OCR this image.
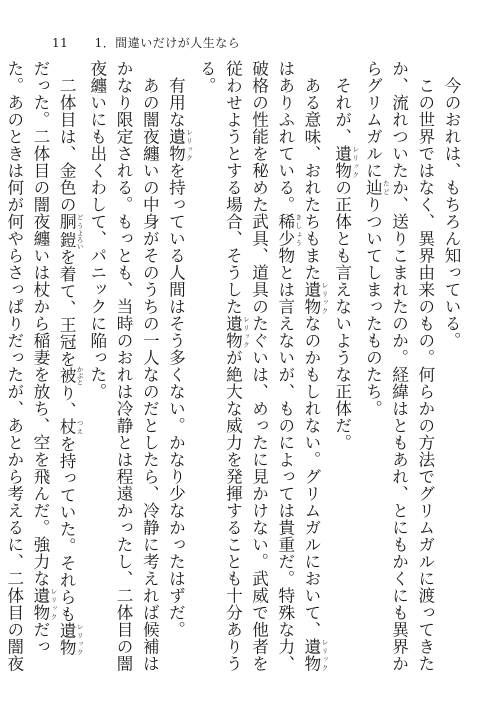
11 1．間違いだけが人生なら

今のおれは、もちろん知っている。

この世界ではなく、異界由来のもの。何らかの方法でグリムガルに渡ってきたか、流れついたか、送りこまれたのか。経緯はともあれ、とにもかくにも異界からグリムガルに辿 たどりついてしまったものたち。

それが、遺物 レリックの正体とも言えないような正体だ。

ある意味、おれたちもまた遺物 レリックなのかもしれない。グリムガルにおいて、遺物 レリックはありふれている。稀少 きしょう物とは言えないが、ものによっては貴重だ。特殊な力、破格の性能を秘めた武具、道具のたぐいは、めったに見かけない。武威で他者を従わせようとする場合、そうした遺物 レリックが絶大な威力を発揮することも十分ありうる。

有用な遺物 レリックを持っている人間はそう多くない。かなり少なかったはずだ。

あの闇夜纏いの中身がそのうちの一人なのだとしたら、冷静に考えれば候補はかなり限定される。もっとも、当時のおれは冷静とは程遠かったし、二体目の闇夜纏いにも出くわして、パニックに陥った。

二体目は、金色の胴 どう鎧 よろいを着て、王冠を被 かぶとり、杖 つえを持っていた。それらも遺物 レリックだった。二体目の闇夜纏いは杖から稲妻を放ち、空を飛んだ。強力な遺物 レリックだった。あのときは何が何やらさっぱりだったが、あとから考えるに、二体目の闇夜
